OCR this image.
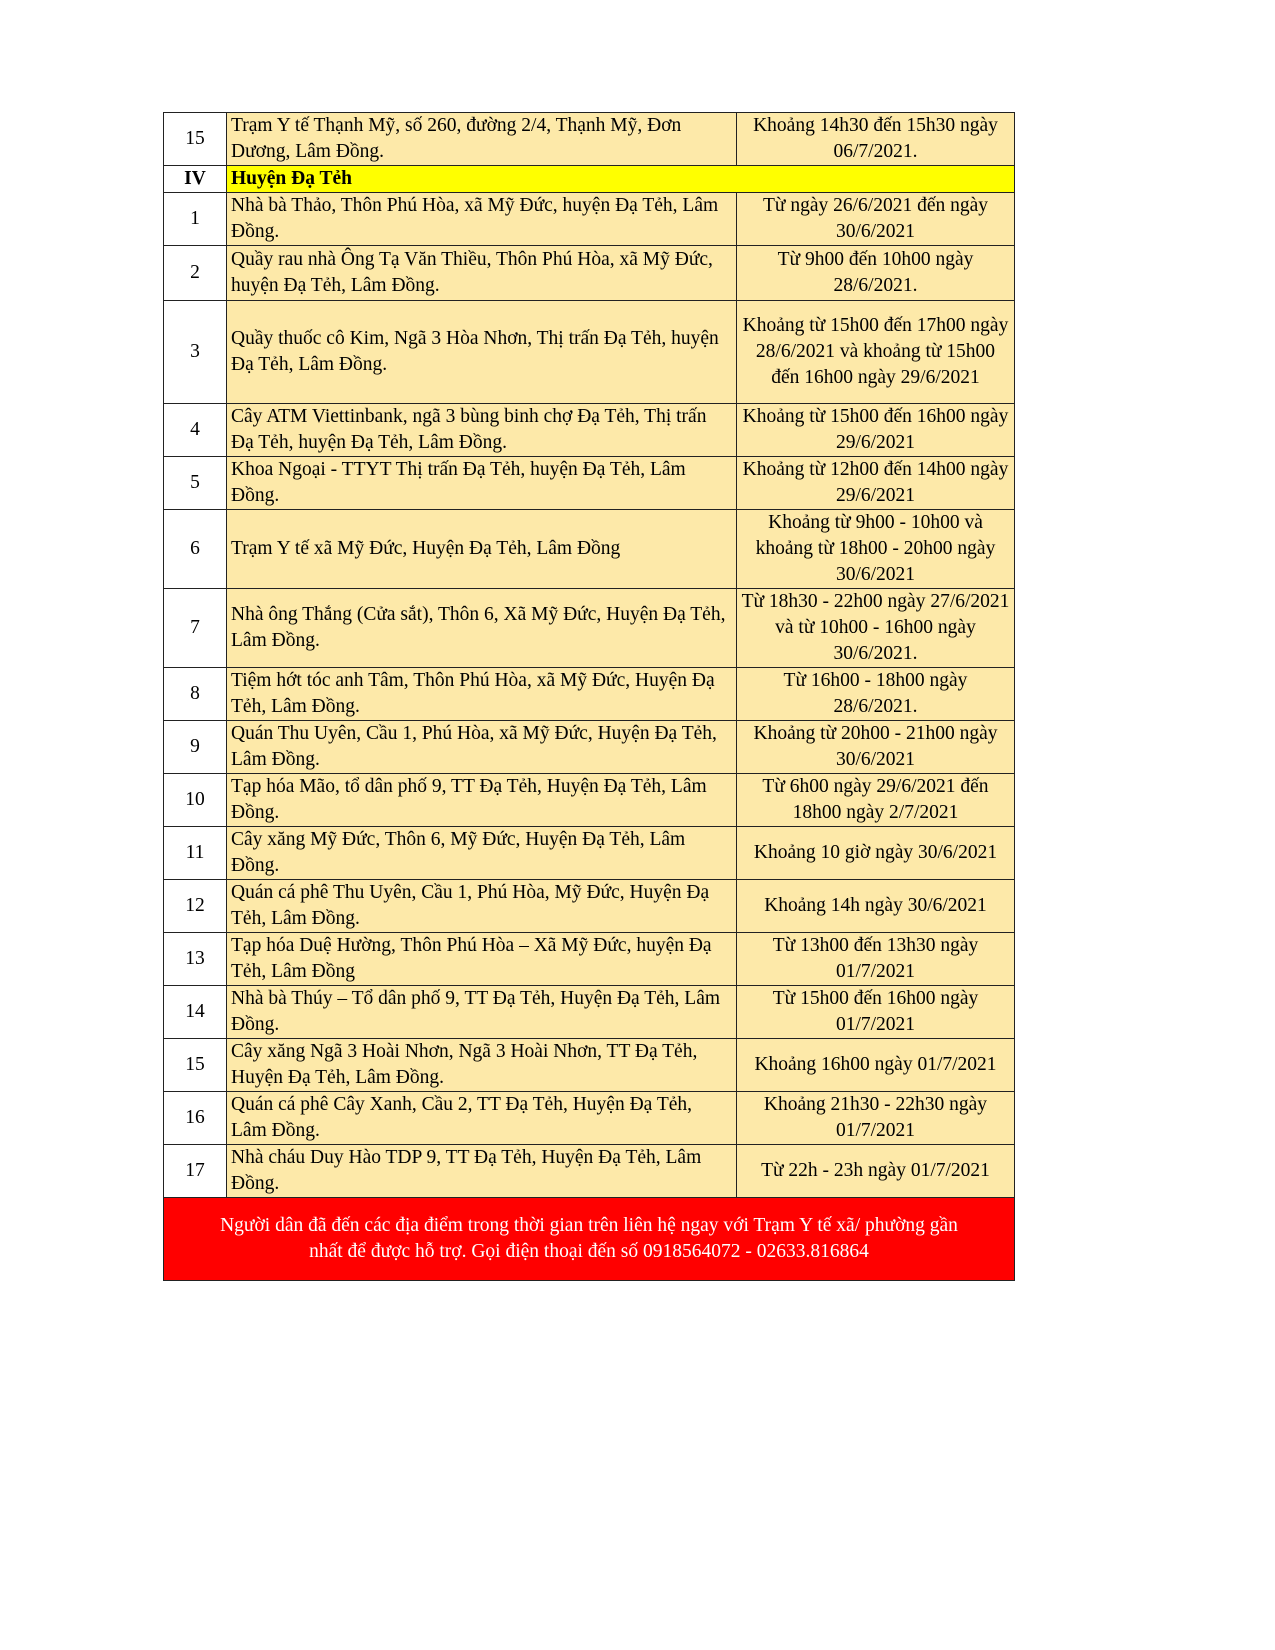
15	Trạm Y tế Thạnh Mỹ, số 260, đường 2/4, Thạnh Mỹ, Đơn Dương, Lâm Đồng.	Khoảng 14h30 đến 15h30 ngày 06/7/2021.
IV	Huyện Đạ Tẻh	
1	Nhà bà Thảo, Thôn Phú Hòa, xã Mỹ Đức, huyện Đạ Tẻh, Lâm Đồng.	Từ ngày 26/6/2021 đến ngày 30/6/2021
2	Quầy rau nhà Ông Tạ Văn Thiều, Thôn Phú Hòa, xã Mỹ Đức, huyện Đạ Tẻh, Lâm Đồng.	Từ 9h00 đến 10h00 ngày 28/6/2021.
3	Quầy thuốc cô Kim, Ngã 3 Hòa Nhơn, Thị trấn Đạ Tẻh, huyện Đạ Tẻh, Lâm Đồng.	Khoảng từ 15h00 đến 17h00 ngày 28/6/2021 và khoảng từ 15h00 đến 16h00 ngày 29/6/2021
4	Cây ATM Viettinbank, ngã 3 bùng binh chợ Đạ Tẻh, Thị trấn Đạ Tẻh, huyện Đạ Tẻh, Lâm Đồng.	Khoảng từ 15h00 đến 16h00 ngày 29/6/2021
5	Khoa Ngoại - TTYT Thị trấn Đạ Tẻh, huyện Đạ Tẻh, Lâm Đồng.	Khoảng từ 12h00 đến 14h00 ngày 29/6/2021
6	Trạm Y tế xã Mỹ Đức, Huyện Đạ Tẻh, Lâm Đồng	Khoảng từ 9h00 - 10h00 và khoảng từ 18h00 - 20h00 ngày 30/6/2021
7	Nhà ông Thắng (Cửa sắt), Thôn 6, Xã Mỹ Đức, Huyện Đạ Tẻh, Lâm Đồng.	Từ 18h30 - 22h00 ngày 27/6/2021 và từ 10h00 - 16h00 ngày 30/6/2021.
8	Tiệm hớt tóc anh Tâm, Thôn Phú Hòa, xã Mỹ Đức, Huyện Đạ Tẻh, Lâm Đồng.	Từ 16h00 - 18h00 ngày 28/6/2021.
9	Quán Thu Uyên, Cầu 1, Phú Hòa, xã Mỹ Đức, Huyện Đạ Tẻh, Lâm Đồng.	Khoảng từ 20h00 - 21h00 ngày 30/6/2021
10	Tạp hóa Mão, tổ dân phố 9, TT Đạ Tẻh, Huyện Đạ Tẻh, Lâm Đồng.	Từ 6h00 ngày 29/6/2021 đến 18h00 ngày 2/7/2021
11	Cây xăng Mỹ Đức, Thôn 6, Mỹ Đức, Huyện Đạ Tẻh, Lâm Đồng.	Khoảng 10 giờ ngày 30/6/2021
12	Quán cá phê Thu Uyên, Cầu 1, Phú Hòa, Mỹ Đức, Huyện Đạ Tẻh, Lâm Đồng.	Khoảng 14h ngày 30/6/2021
13	Tạp hóa Duệ Hường, Thôn Phú Hòa – Xã Mỹ Đức, huyện Đạ Tẻh, Lâm Đồng	Từ 13h00 đến 13h30 ngày 01/7/2021
14	Nhà bà Thúy – Tổ dân phố 9, TT Đạ Tẻh, Huyện Đạ Tẻh, Lâm Đồng.	Từ 15h00 đến 16h00 ngày 01/7/2021
15	Cây xăng Ngã 3 Hoài Nhơn, Ngã 3 Hoài Nhơn, TT Đạ Tẻh, Huyện Đạ Tẻh, Lâm Đồng.	Khoảng 16h00 ngày 01/7/2021
16	Quán cá phê Cây Xanh, Cầu 2, TT Đạ Tẻh, Huyện Đạ Tẻh, Lâm Đồng.	Khoảng 21h30 - 22h30 ngày 01/7/2021
17	Nhà cháu Duy Hào TDP 9, TT Đạ Tẻh, Huyện Đạ Tẻh, Lâm Đồng.	Từ 22h - 23h ngày 01/7/2021
Người dân đã đến các địa điểm trong thời gian trên liên hệ ngay với Trạm Y tế xã/ phường gần nhất để được hỗ trợ. Gọi điện thoại đến số 0918564072 - 02633.816864		
